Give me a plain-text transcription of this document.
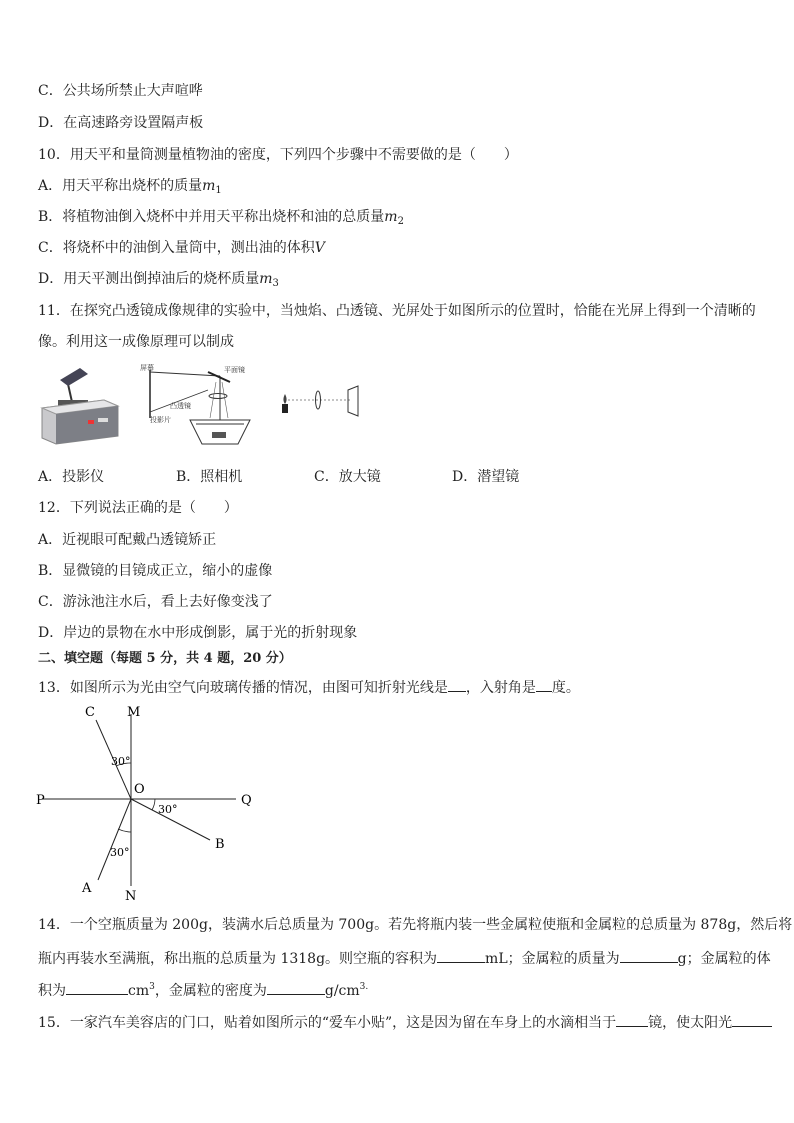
C．公共场所禁止大声喧哗
D．在高速路旁设置隔声板
10．用天平和量筒测量植物油的密度，下列四个步骤中不需要做的是（　　）
A．用天平称出烧杯的质量$m_1$
B．将植物油倒入烧杯中并用天平称出烧杯和油的总质量$m_2$
C．将烧杯中的油倒入量筒中，测出油的体积V
D．用天平测出倒掉油后的烧杯质量$m_3$
11．在探究凸透镜成像规律的实验中，当烛焰、凸透镜、光屏处于如图所示的位置时，恰能在光屏上得到一个清晰的
像。利用这一成像原理可以制成
屏幕	平面镜
凸透镜
投影片
A．投影仪	B．照相机	C．放大镜	D．潜望镜
12．下列说法正确的是（　　）
A．近视眼可配戴凸透镜矫正
B．显微镜的目镜成正立，缩小的虚像
C．游泳池注水后，看上去好像变浅了
D．岸边的景物在水中形成倒影，属于光的折射现象
二、填空题（每题 5 分，共 4 题，20 分）
13．如图所示为光由空气向玻璃传播的情况，由图可知折射光线是 ，入射角是 度。
C M
P
O
Q
B
A
N
30°
30°
30°
14．一个空瓶质量为 200g，装满水后总质量为 700g。若先将瓶内装一些金属粒使瓶和金属粒的总质量为 878g，然后将
瓶内再装水至满瓶，称出瓶的总质量为 1318g。则空瓶的容积为	mL；金属粒的质量为	g；金属粒的体
积为	$cm^3$，金属粒的密度为	$g/cm^{3.}$
15．一家汽车美容店的门口，贴着如图所示的“爱车小贴”，这是因为留在车身上的水滴相当于 镜，使太阳光
